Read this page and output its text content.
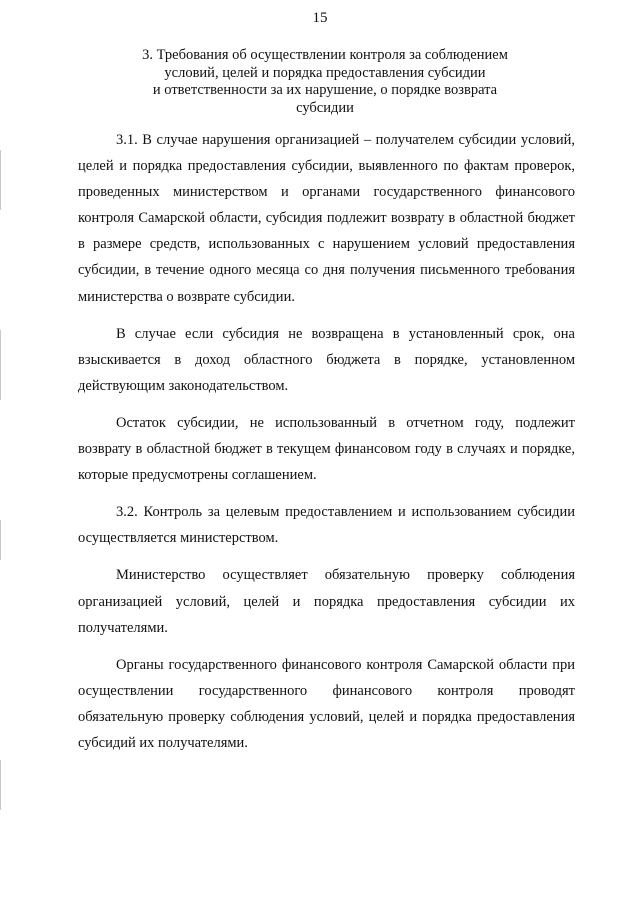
15
3. Требования об осуществлении контроля за соблюдением
условий, целей и порядка предоставления субсидии
и ответственности за их нарушение, о порядке возврата
субсидии

3.1. В случае нарушения организацией – получателем субсидии условий, целей и порядка предоставления субсидии, выявленного по фактам проверок, проведенных министерством и органами государственного финансового контроля Самарской области, субсидия подлежит возврату в областной бюджет в размере средств, использованных с нарушением условий предоставления субсидии, в течение одного месяца со дня получения письменного требования министерства о возврате субсидии.

В случае если субсидия не возвращена в установленный срок, она взыскивается в доход областного бюджета в порядке, установленном действующим законодательством.

Остаток субсидии, не использованный в отчетном году, подлежит возврату в областной бюджет в текущем финансовом году в случаях и порядке, которые предусмотрены соглашением.

3.2. Контроль за целевым предоставлением и использованием субсидии осуществляется министерством.

Министерство осуществляет обязательную проверку соблюдения организацией условий, целей и порядка предоставления субсидии их получателями.

Органы государственного финансового контроля Самарской области при осуществлении государственного финансового контроля проводят обязательную проверку соблюдения условий, целей и порядка предоставления субсидий их получателями.
